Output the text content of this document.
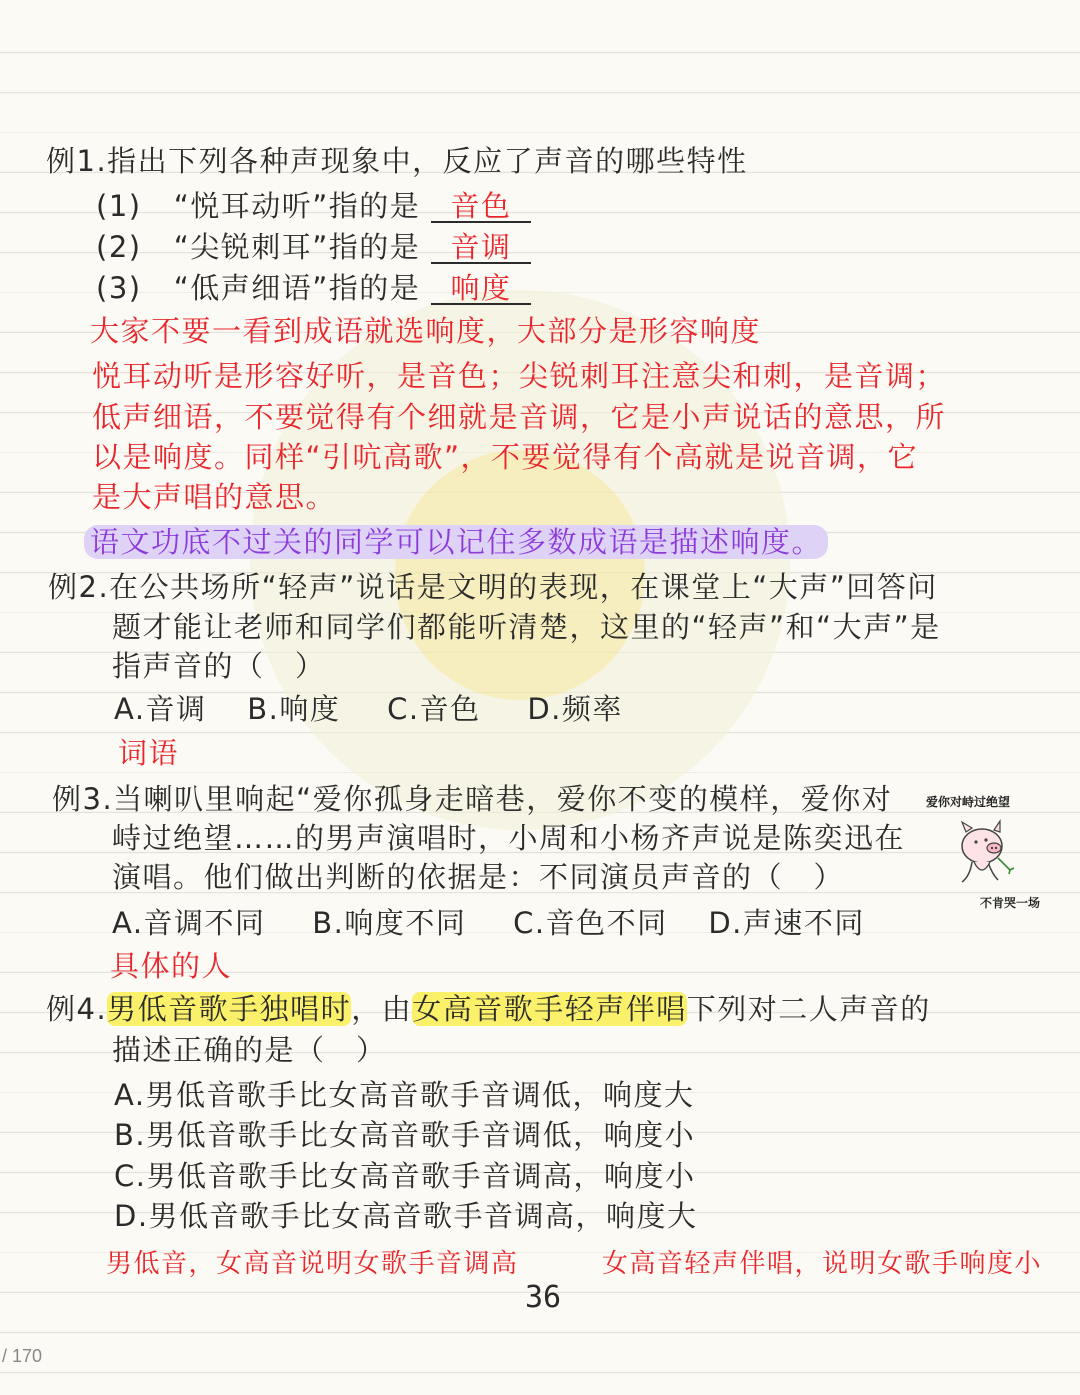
例1.指出下列各种声现象中，反应了声音的哪些特性
(1) “悦耳动听”指的是 音色
(2) “尖锐刺耳”指的是 音调
(3) “低声细语”指的是 响度
大家不要一看到成语就选响度，大部分是形容响度
悦耳动听是形容好听，是音色；尖锐刺耳注意尖和刺，是音调；
低声细语，不要觉得有个细就是音调，它是小声说话的意思，所
以是响度。同样“引吭高歌”，不要觉得有个高就是说音调，它
是大声唱的意思。
语文功底不过关的同学可以记住多数成语是描述响度。
例2.在公共场所“轻声”说话是文明的表现，在课堂上“大声”回答问
题才能让老师和同学们都能听清楚，这里的“轻声”和“大声”是
指声音的（　）
A.音调 B.响度 C.音色 D.频率
词语
例3.当喇叭里响起“爱你孤身走暗巷，爱你不变的模样，爱你对
峙过绝望……的男声演唱时，小周和小杨齐声说是陈奕迅在
演唱。他们做出判断的依据是：不同演员声音的（　）
A.音调不同 B.响度不同 C.音色不同 D.声速不同
具体的人
爱你对峙过绝望
不肯哭一场
例4.男低音歌手独唱时，由女高音歌手轻声伴唱下列对二人声音的
描述正确的是（　）
A.男低音歌手比女高音歌手音调低，响度大
B.男低音歌手比女高音歌手音调低，响度小
C.男低音歌手比女高音歌手音调高，响度小
D.男低音歌手比女高音歌手音调高，响度大
男低音，女高音说明女歌手音调高	女高音轻声伴唱，说明女歌手响度小
36
/ 170
